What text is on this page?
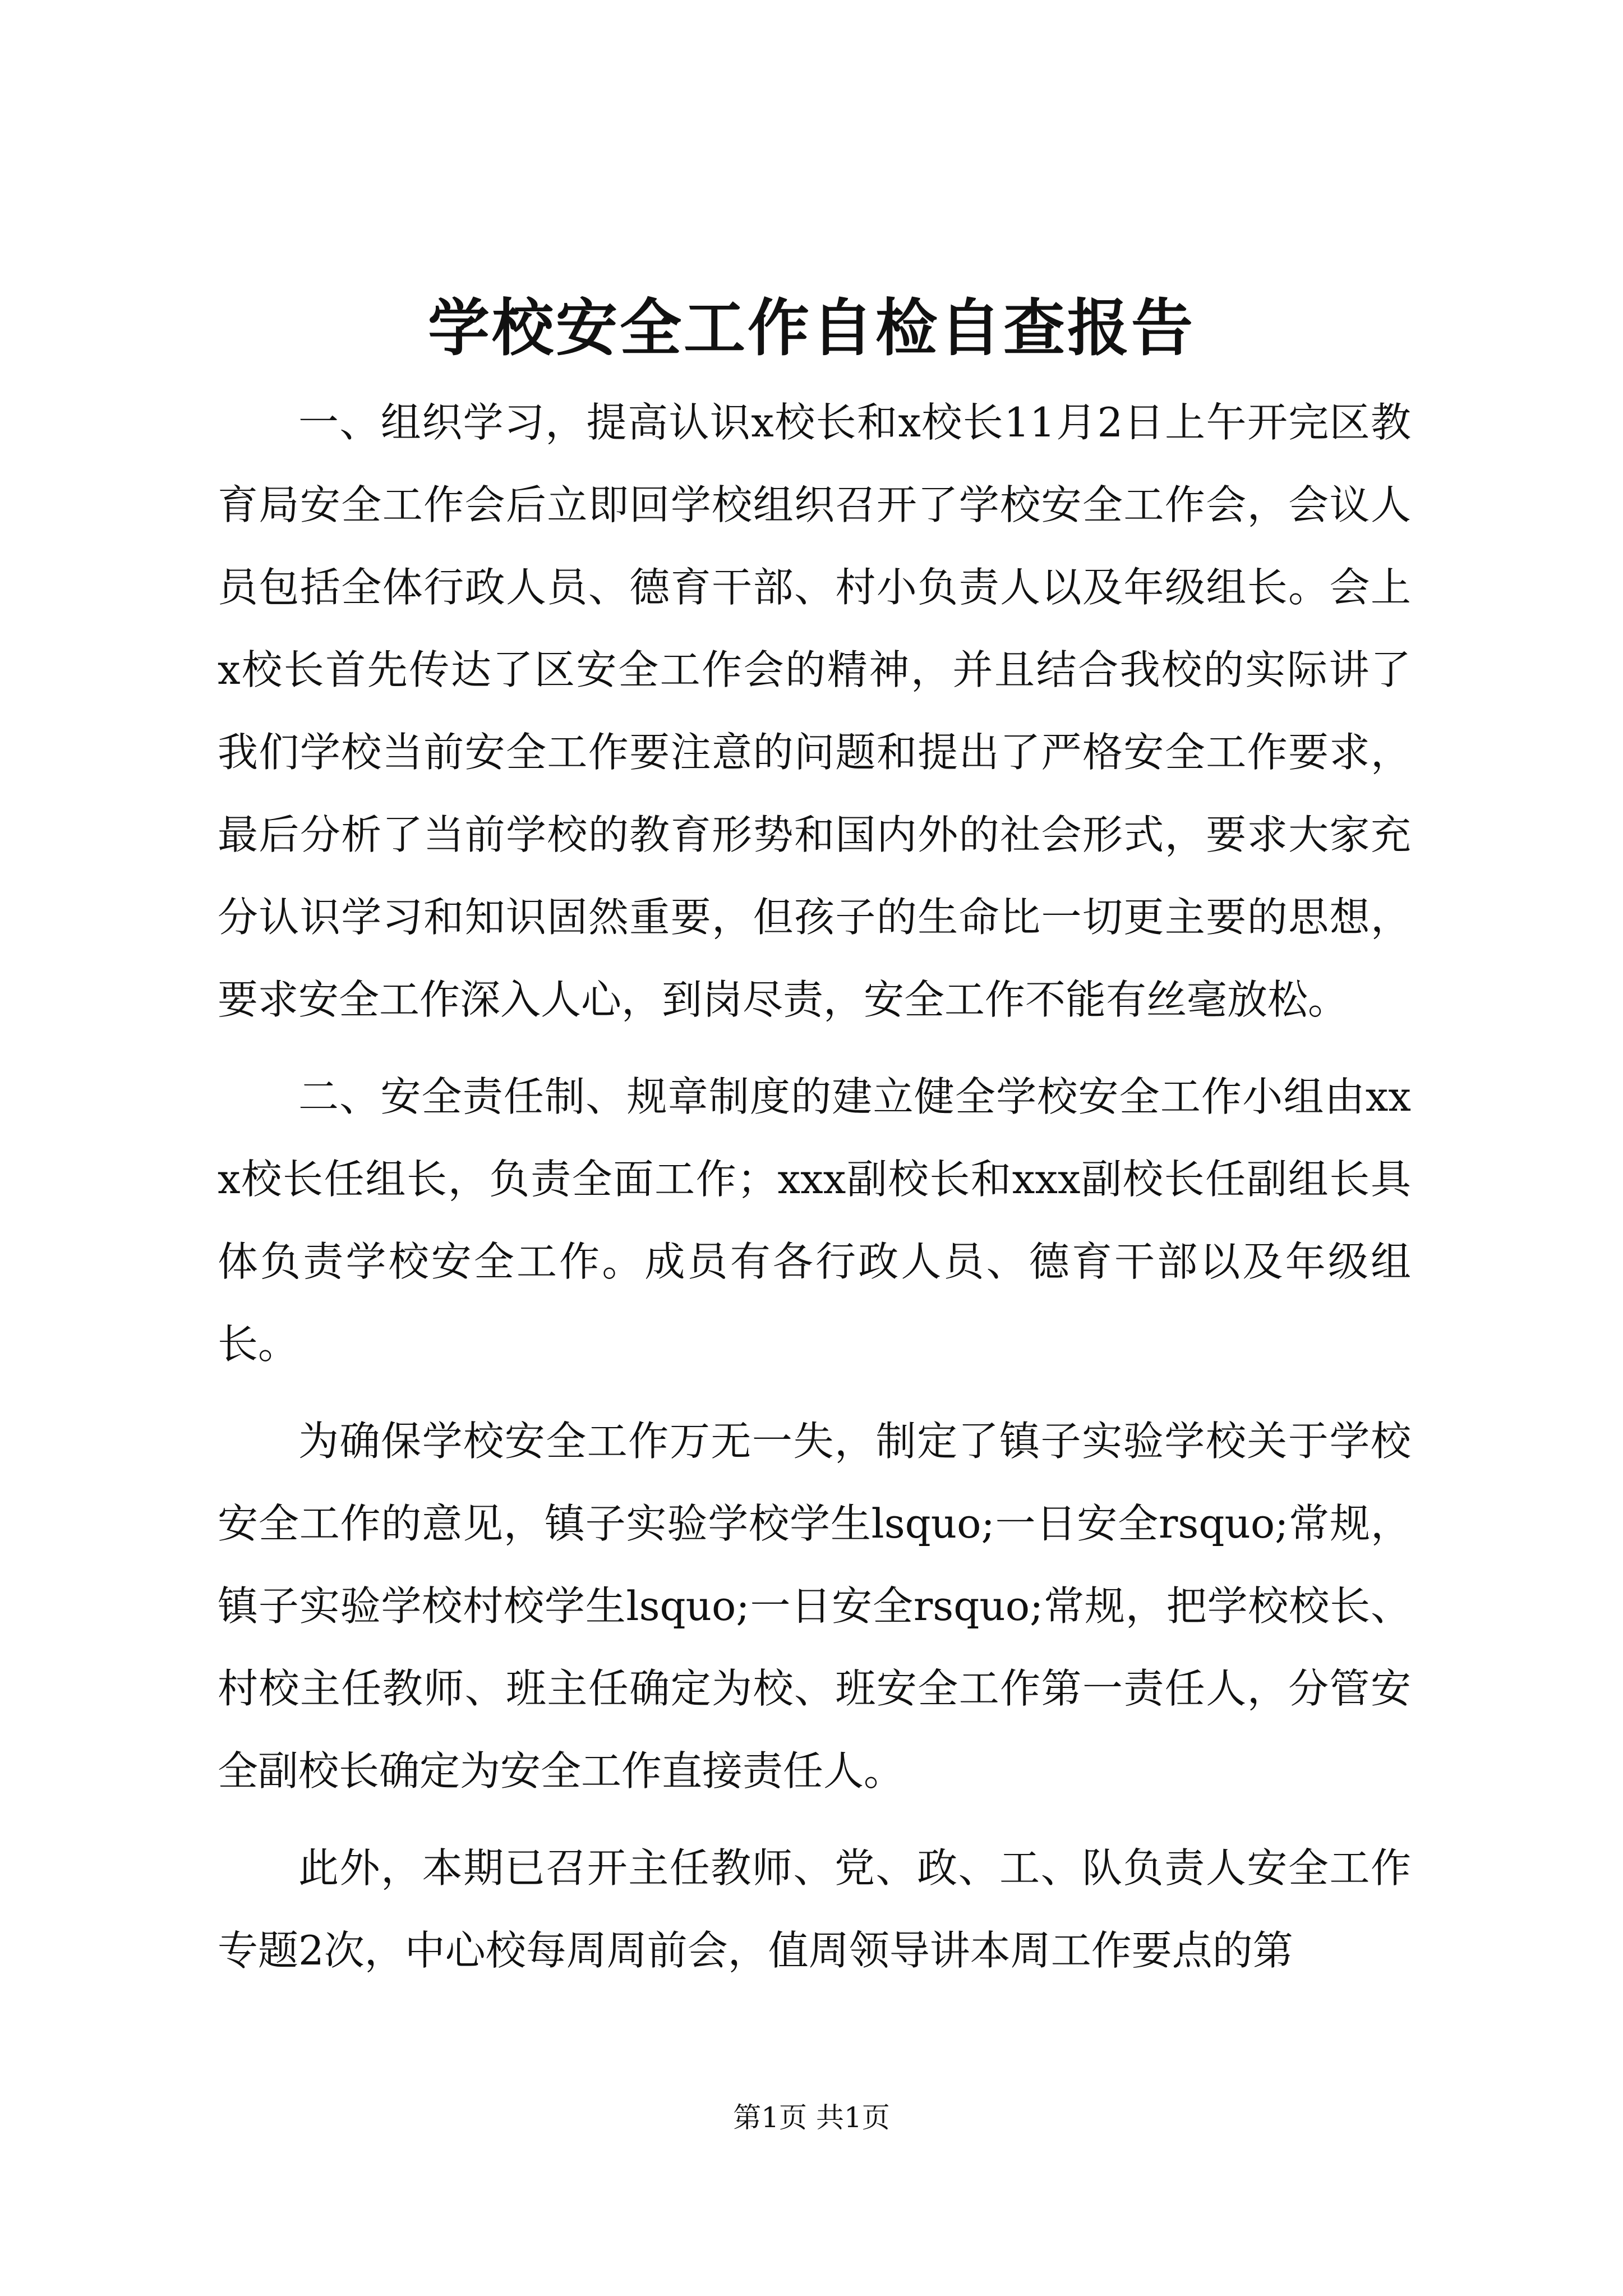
学校安全工作自检自查报告

一、组织学习，提高认识x校长和x校长11月2日上午开完区教育局安全工作会后立即回学校组织召开了学校安全工作会，会议人员包括全体行政人员、德育干部、村小负责人以及年级组长。会上x校长首先传达了区安全工作会的精神，并且结合我校的实际讲了我们学校当前安全工作要注意的问题和提出了严格安全工作要求，最后分析了当前学校的教育形势和国内外的社会形式，要求大家充分认识学习和知识固然重要，但孩子的生命比一切更主要的思想，要求安全工作深入人心，到岗尽责，安全工作不能有丝毫放松。

二、安全责任制、规章制度的建立健全学校安全工作小组由xxx校长任组长，负责全面工作；xxx副校长和xxx副校长任副组长具体负责学校安全工作。成员有各行政人员、德育干部以及年级组长。

为确保学校安全工作万无一失，制定了镇子实验学校关于学校安全工作的意见，镇子实验学校学生lsquo;一日安全rsquo;常规，镇子实验学校村校学生lsquo;一日安全rsquo;常规，把学校校长、村校主任教师、班主任确定为校、班安全工作第一责任人，分管安全副校长确定为安全工作直接责任人。

此外，本期已召开主任教师、党、政、工、队负责人安全工作专题2次，中心校每周周前会，值周领导讲本周工作要点的第

第1页 共1页
